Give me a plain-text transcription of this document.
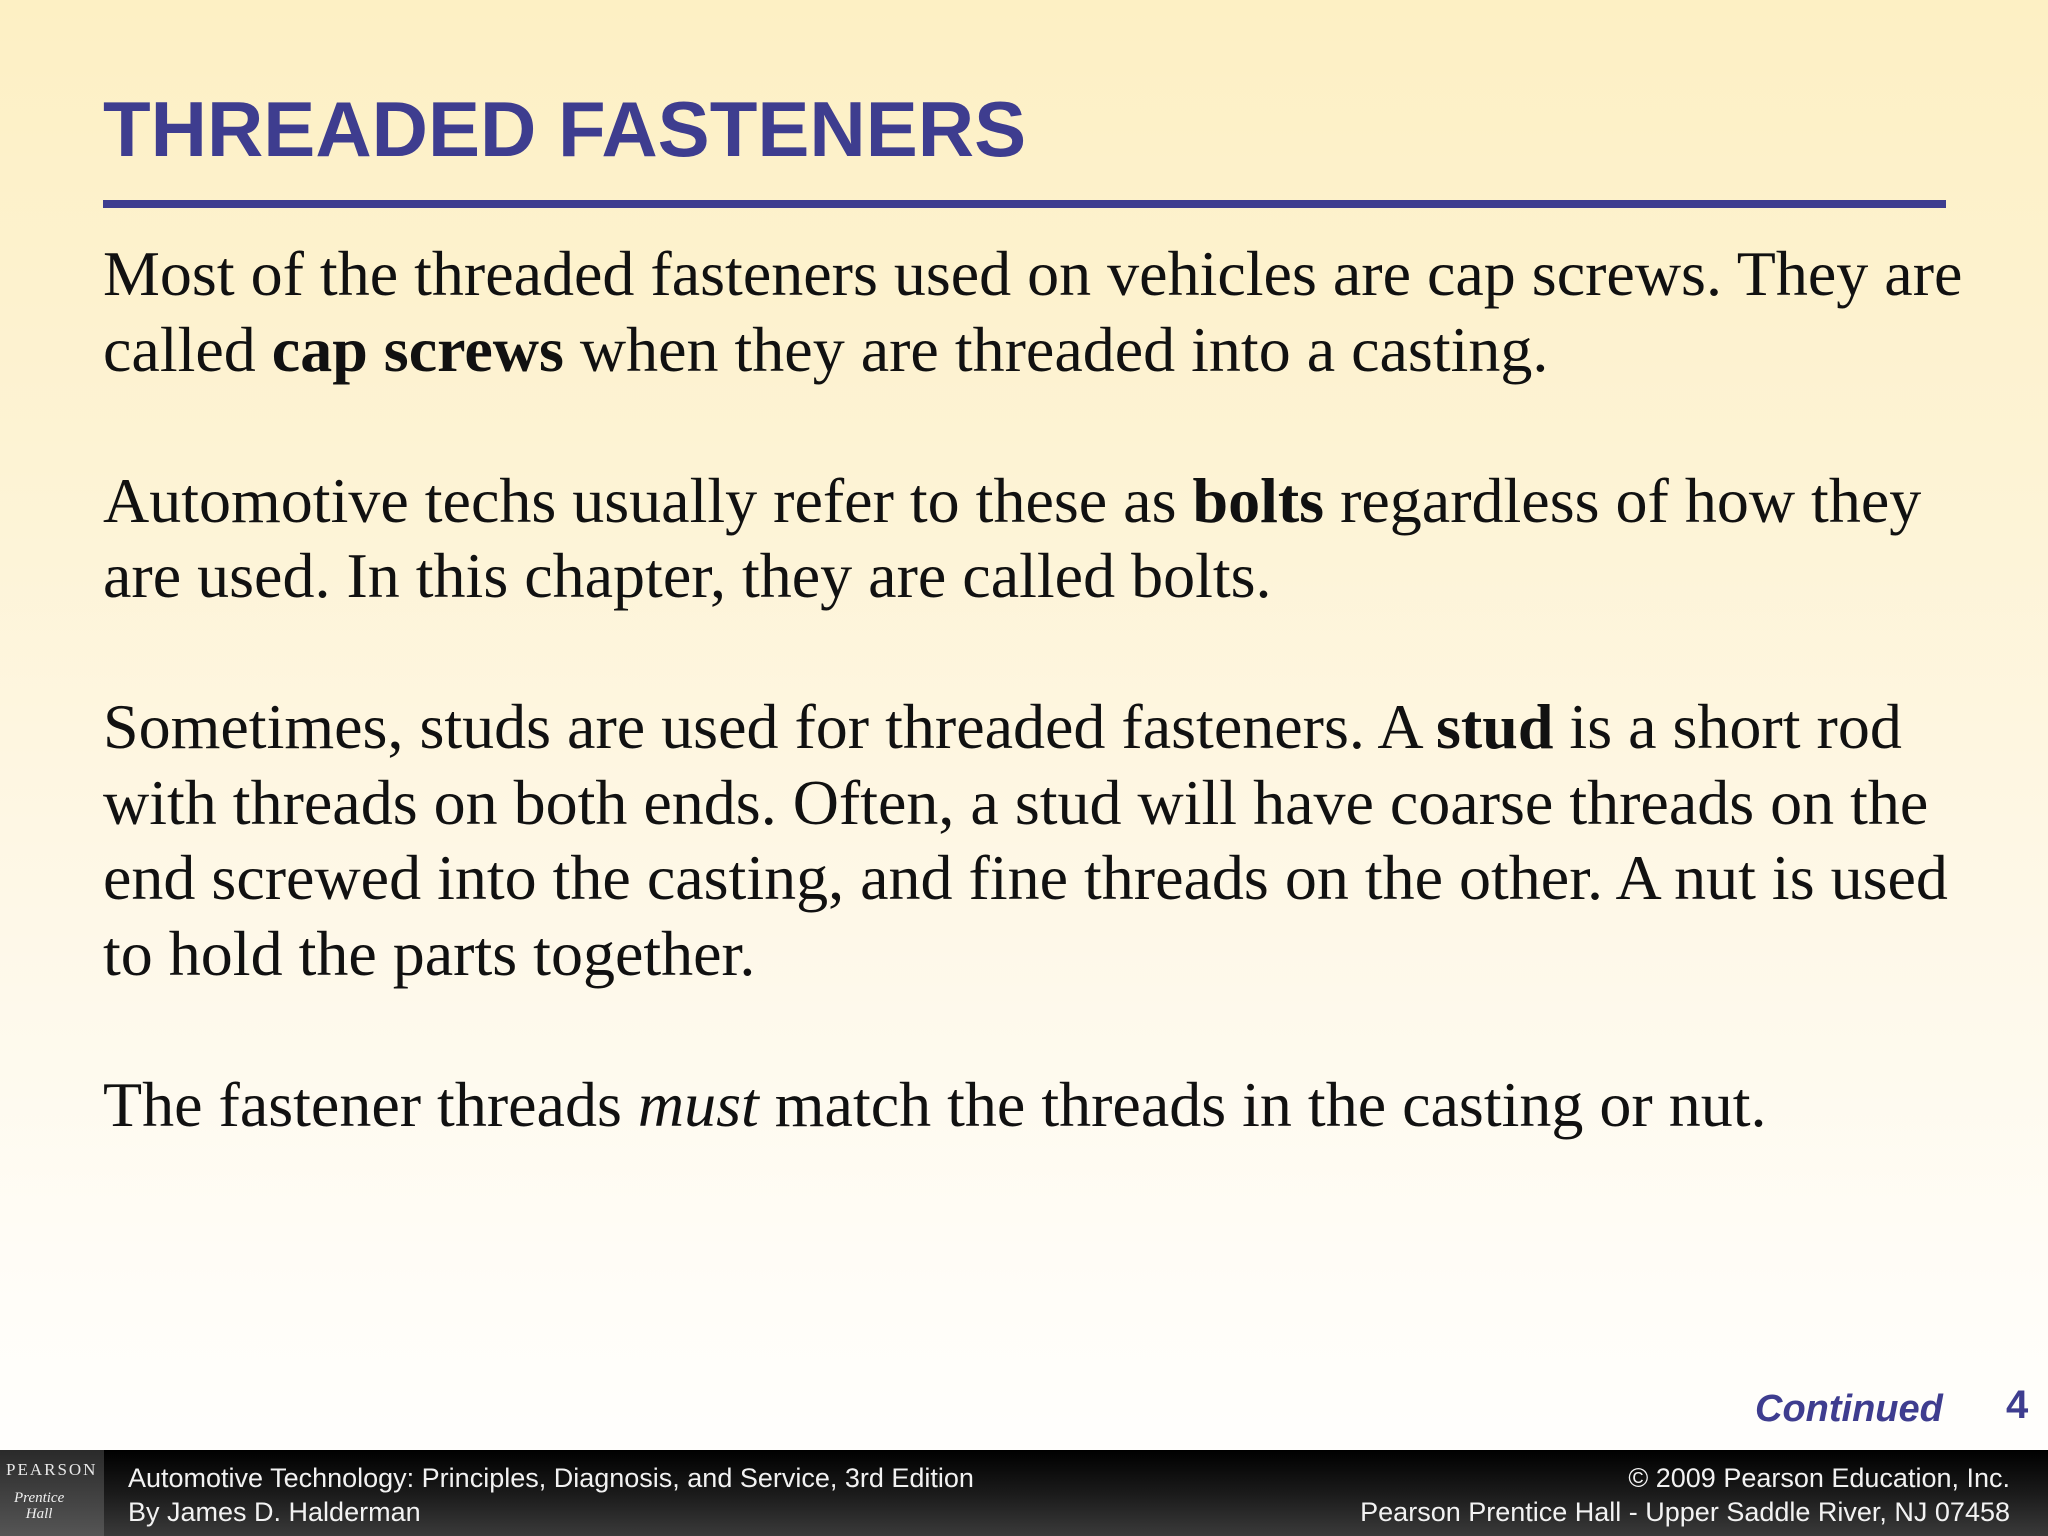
THREADED FASTENERS

Most of the threaded fasteners used on vehicles are cap screws. They are called cap screws when they are threaded into a casting.

Automotive techs usually refer to these as bolts regardless of how they are used. In this chapter, they are called bolts.

Sometimes, studs are used for threaded fasteners. A stud is a short rod with threads on both ends. Often, a stud will have coarse threads on the end screwed into the casting, and fine threads on the other. A nut is used to hold the parts together.

The fastener threads must match the threads in the casting or nut.

Continued 4
PEARSON
Prentice
Hall
Automotive Technology: Principles, Diagnosis, and Service, 3rd Edition
By James D. Halderman
© 2009 Pearson Education, Inc.
Pearson Prentice Hall - Upper Saddle River, NJ 07458
